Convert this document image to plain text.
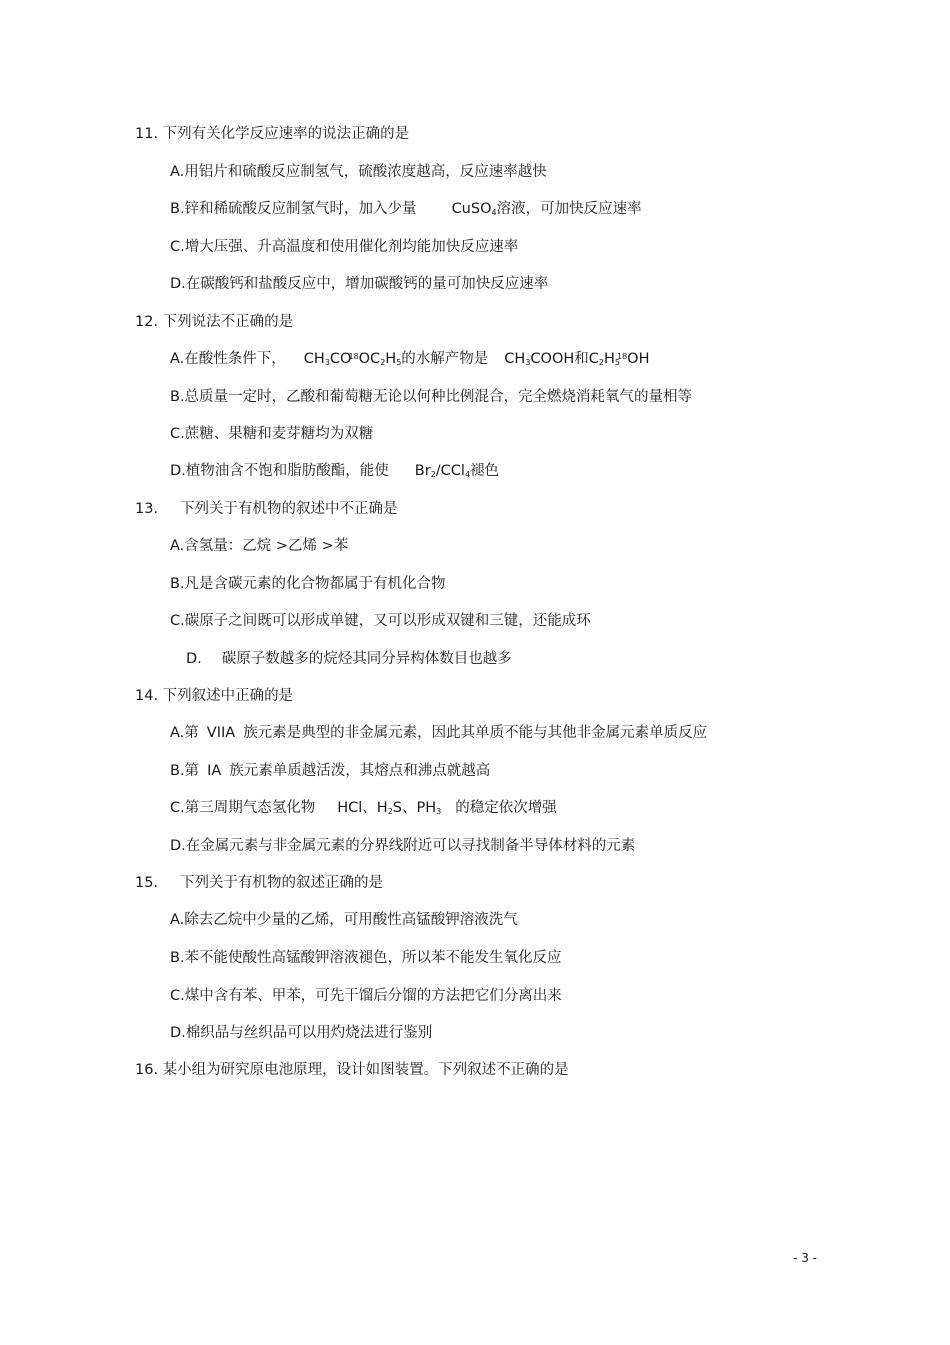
11. 下列有关化学反应速率的说法正确的是
A.用铝片和硫酸反应制氢气，硫酸浓度越高，反应速率越快
B.锌和稀硫酸反应制氢气时，加入少量 CuSO$_4$溶液，可加快反应速率
C.增大压强、升高温度和使用催化剂均能加快反应速率
D.在碳酸钙和盐酸反应中，增加碳酸钙的量可加快反应速率
12. 下列说法不正确的是
A.在酸性条件下， $CH_3CO^{18}OC_2H_5$的水解产物是 $CH_3COOH$和$C_2H_5^{18}OH$
B.总质量一定时，乙酸和葡萄糖无论以何种比例混合，完全燃烧消耗氧气的量相等
C.蔗糖、果糖和麦芽糖均为双糖
D.植物油含不饱和脂肪酸酯，能使 $Br_2/CCl_4$褪色
13. 下列关于有机物的叙述中不正确是
A.含氢量：乙烷 >乙烯 >苯
B.凡是含碳元素的化合物都属于有机化合物
C.碳原子之间既可以形成单键，又可以形成双键和三键，还能成环
D. 碳原子数越多的烷烃其同分异构体数目也越多
14. 下列叙述中正确的是
A.第 VIIA 族元素是典型的非金属元素，因此其单质不能与其他非金属元素单质反应
B.第 IA 族元素单质越活泼，其熔点和沸点就越高
C.第三周期气态氢化物 HCl、$H_2S$、$PH_3$ 的稳定依次增强
D.在金属元素与非金属元素的分界线附近可以寻找制备半导体材料的元素
15. 下列关于有机物的叙述正确的是
A.除去乙烷中少量的乙烯，可用酸性高锰酸钾溶液洗气
B.苯不能使酸性高锰酸钾溶液褪色，所以苯不能发生氧化反应
C.煤中含有苯、甲苯，可先干馏后分馏的方法把它们分离出来
D.棉织品与丝织品可以用灼烧法进行鉴别
16. 某小组为研究原电池原理，设计如图装置。下列叙述不正确的是
- 3 -
